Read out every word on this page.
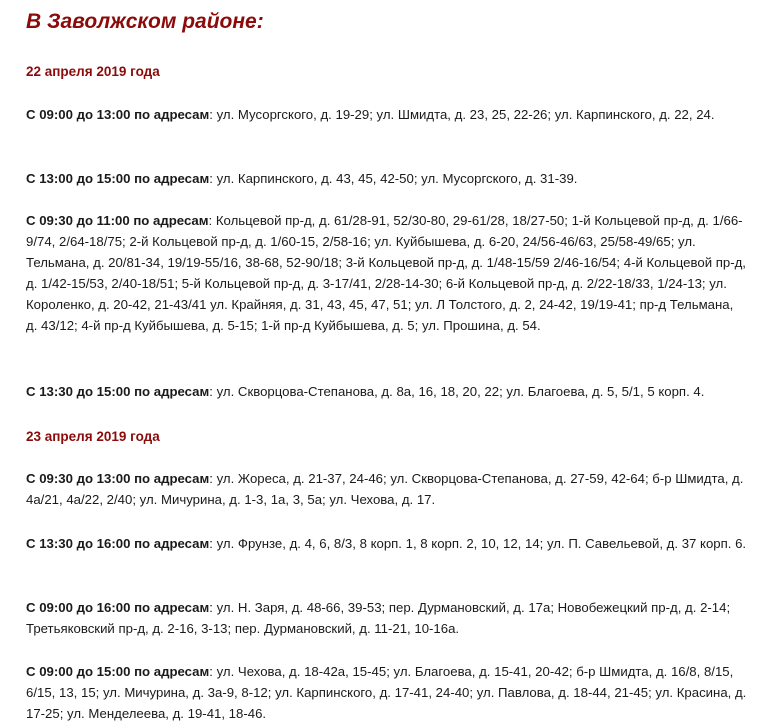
В Заволжском районе:
22 апреля 2019 года
С 09:00 до 13:00 по адресам: ул. Мусоргского, д. 19-29; ул. Шмидта, д. 23, 25, 22-26; ул. Карпинского, д. 22, 24.
С 13:00 до 15:00 по адресам: ул. Карпинского, д. 43, 45, 42-50; ул. Мусоргского, д. 31-39.
С 09:30 до 11:00 по адресам: Кольцевой пр-д, д. 61/28-91, 52/30-80, 29-61/28, 18/27-50; 1-й Кольцевой пр-д, д. 1/66-9/74, 2/64-18/75; 2-й Кольцевой пр-д, д. 1/60-15, 2/58-16; ул. Куйбышева, д. 6-20, 24/56-46/63, 25/58-49/65; ул. Тельмана, д. 20/81-34, 19/19-55/16, 38-68, 52-90/18; 3-й Кольцевой пр-д, д. 1/48-15/59 2/46-16/54; 4-й Кольцевой пр-д, д. 1/42-15/53, 2/40-18/51; 5-й Кольцевой пр-д, д. 3-17/41, 2/28-14-30; 6-й Кольцевой пр-д, д. 2/22-18/33, 1/24-13; ул. Короленко, д. 20-42, 21-43/41 ул. Крайняя, д. 31, 43, 45, 47, 51; ул. Л Толстого, д. 2, 24-42, 19/19-41; пр-д Тельмана, д. 43/12; 4-й пр-д Куйбышева, д. 5-15; 1-й пр-д Куйбышева, д. 5; ул. Прошина, д. 54.
С 13:30 до 15:00 по адресам: ул. Скворцова-Степанова, д. 8а, 16, 18, 20, 22; ул. Благоева, д. 5, 5/1, 5 корп. 4.
23 апреля 2019 года
С 09:30 до 13:00 по адресам: ул. Жореса, д. 21-37, 24-46; ул. Скворцова-Степанова, д. 27-59, 42-64; б-р Шмидта, д. 4а/21, 4а/22, 2/40; ул. Мичурина, д. 1-3, 1а, 3, 5а; ул. Чехова, д. 17.
С 13:30 до 16:00 по адресам: ул. Фрунзе, д. 4, 6, 8/3, 8 корп. 1, 8 корп. 2, 10, 12, 14; ул. П. Савельевой, д. 37 корп. 6.
С 09:00 до 16:00 по адресам: ул. Н. Заря, д. 48-66, 39-53; пер. Дурмановский, д. 17а; Новобежецкий пр-д, д. 2-14; Третьяковский пр-д, д. 2-16, 3-13; пер. Дурмановский, д. 11-21, 10-16а.
С 09:00 до 15:00 по адресам: ул. Чехова, д. 18-42а, 15-45; ул. Благоева, д. 15-41, 20-42; б-р Шмидта, д. 16/8, 8/15, 6/15, 13, 15; ул. Мичурина, д. 3а-9, 8-12; ул. Карпинского, д. 17-41, 24-40; ул. Павлова, д. 18-44, 21-45; ул. Красина, д. 17-25; ул. Менделеева, д. 19-41, 18-46.
